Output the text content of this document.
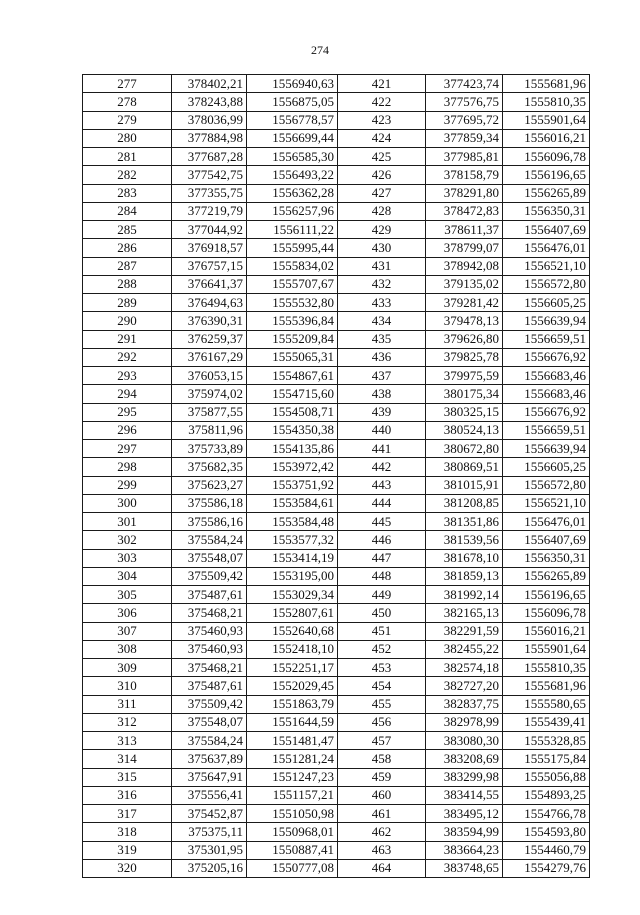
274
277	378402,21	1556940,63	421	377423,74	1555681,96
278	378243,88	1556875,05	422	377576,75	1555810,35
279	378036,99	1556778,57	423	377695,72	1555901,64
280	377884,98	1556699,44	424	377859,34	1556016,21
281	377687,28	1556585,30	425	377985,81	1556096,78
282	377542,75	1556493,22	426	378158,79	1556196,65
283	377355,75	1556362,28	427	378291,80	1556265,89
284	377219,79	1556257,96	428	378472,83	1556350,31
285	377044,92	1556111,22	429	378611,37	1556407,69
286	376918,57	1555995,44	430	378799,07	1556476,01
287	376757,15	1555834,02	431	378942,08	1556521,10
288	376641,37	1555707,67	432	379135,02	1556572,80
289	376494,63	1555532,80	433	379281,42	1556605,25
290	376390,31	1555396,84	434	379478,13	1556639,94
291	376259,37	1555209,84	435	379626,80	1556659,51
292	376167,29	1555065,31	436	379825,78	1556676,92
293	376053,15	1554867,61	437	379975,59	1556683,46
294	375974,02	1554715,60	438	380175,34	1556683,46
295	375877,55	1554508,71	439	380325,15	1556676,92
296	375811,96	1554350,38	440	380524,13	1556659,51
297	375733,89	1554135,86	441	380672,80	1556639,94
298	375682,35	1553972,42	442	380869,51	1556605,25
299	375623,27	1553751,92	443	381015,91	1556572,80
300	375586,18	1553584,61	444	381208,85	1556521,10
301	375586,16	1553584,48	445	381351,86	1556476,01
302	375584,24	1553577,32	446	381539,56	1556407,69
303	375548,07	1553414,19	447	381678,10	1556350,31
304	375509,42	1553195,00	448	381859,13	1556265,89
305	375487,61	1553029,34	449	381992,14	1556196,65
306	375468,21	1552807,61	450	382165,13	1556096,78
307	375460,93	1552640,68	451	382291,59	1556016,21
308	375460,93	1552418,10	452	382455,22	1555901,64
309	375468,21	1552251,17	453	382574,18	1555810,35
310	375487,61	1552029,45	454	382727,20	1555681,96
311	375509,42	1551863,79	455	382837,75	1555580,65
312	375548,07	1551644,59	456	382978,99	1555439,41
313	375584,24	1551481,47	457	383080,30	1555328,85
314	375637,89	1551281,24	458	383208,69	1555175,84
315	375647,91	1551247,23	459	383299,98	1555056,88
316	375556,41	1551157,21	460	383414,55	1554893,25
317	375452,87	1551050,98	461	383495,12	1554766,78
318	375375,11	1550968,01	462	383594,99	1554593,80
319	375301,95	1550887,41	463	383664,23	1554460,79
320	375205,16	1550777,08	464	383748,65	1554279,76
